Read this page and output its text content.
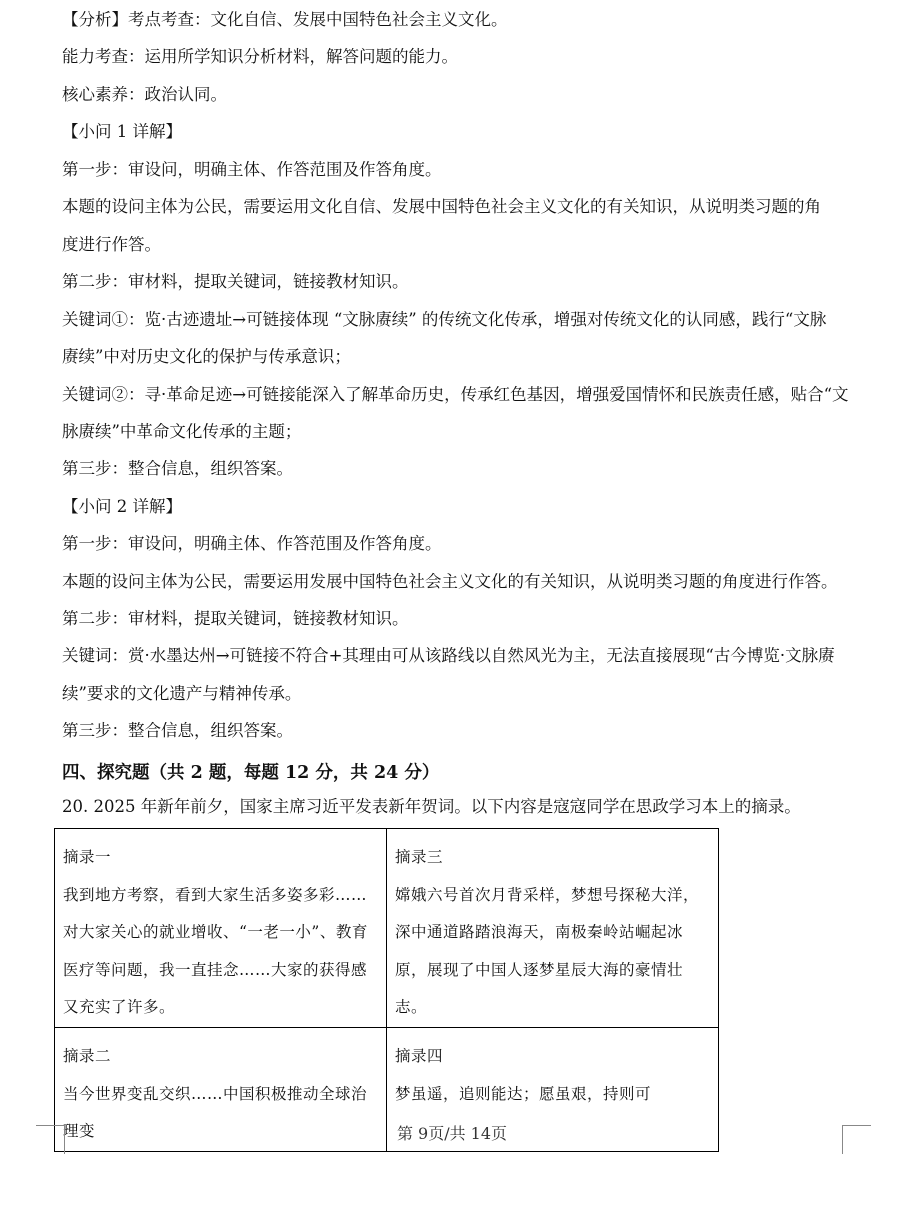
【分析】考点考查：文化自信、发展中国特色社会主义文化。
能力考查：运用所学知识分析材料，解答问题的能力。
核心素养：政治认同。
【小问 1 详解】
第一步：审设问，明确主体、作答范围及作答角度。
本题的设问主体为公民，需要运用文化自信、发展中国特色社会主义文化的有关知识，从说明类习题的角
度进行作答。
第二步：审材料，提取关键词，链接教材知识。
关键词①：览·古迹遗址→可链接体现 “文脉赓续” 的传统文化传承，增强对传统文化的认同感，践行“文脉
赓续”中对历史文化的保护与传承意识；
关键词②：寻·革命足迹→可链接能深入了解革命历史，传承红色基因，增强爱国情怀和民族责任感，贴合“文
脉赓续”中革命文化传承的主题；
第三步：整合信息，组织答案。
【小问 2 详解】
第一步：审设问，明确主体、作答范围及作答角度。
本题的设问主体为公民，需要运用发展中国特色社会主义文化的有关知识，从说明类习题的角度进行作答。
第二步：审材料，提取关键词，链接教材知识。
关键词：赏·水墨达州→可链接不符合+其理由可从该路线以自然风光为主，无法直接展现“古今博览·文脉赓
续”要求的文化遗产与精神传承。
第三步：整合信息，组织答案。
四、探究题（共 2 题，每题 12 分，共 24 分）
20. 2025 年新年前夕，国家主席习近平发表新年贺词。以下内容是寇寇同学在思政学习本上的摘录。
摘录一
我到地方考察，看到大家生活多姿多彩……对大家关心的就业增收、“一老一小”、教育医疗等问题，我一直挂念……大家的获得感又充实了许多。	摘录三
嫦娥六号首次月背采样，梦想号探秘大洋，深中通道路踏浪海天，南极秦岭站崛起冰原，展现了中国人逐梦星辰大海的豪情壮志。

摘录二
当今世界变乱交织……中国积极推动全球治理变	摘录四
梦虽遥，追则能达；愿虽艰，持则可
第 9页/共 14页
